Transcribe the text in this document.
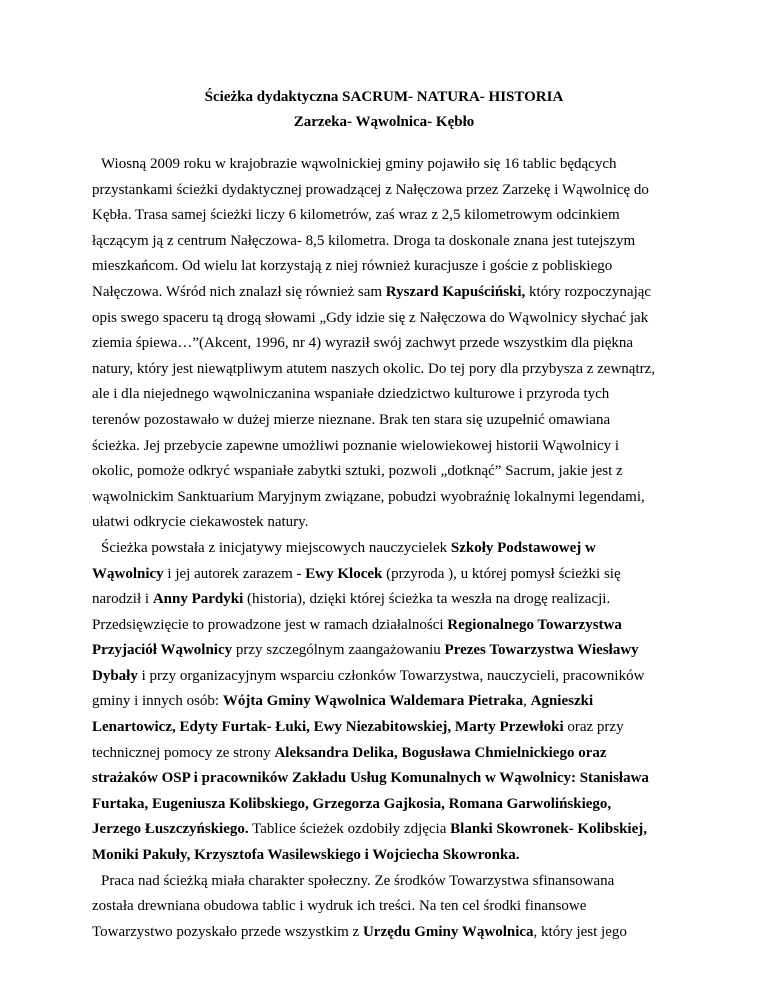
Ścieżka dydaktyczna SACRUM- NATURA- HISTORIA
Zarzeka- Wąwolnica- Kębło

Wiosną 2009 roku w krajobrazie wąwolnickiej gminy pojawiło się 16 tablic będących
przystankami ścieżki dydaktycznej prowadzącej z Nałęczowa przez Zarzekę i Wąwolnicę do
Kębła. Trasa samej ścieżki liczy 6 kilometrów, zaś wraz z 2,5 kilometrowym odcinkiem
łączącym ją z centrum Nałęczowa- 8,5 kilometra. Droga ta doskonale znana jest tutejszym
mieszkańcom. Od wielu lat korzystają z niej również kuracjusze i goście z pobliskiego
Nałęczowa. Wśród nich znalazł się również sam Ryszard Kapuściński, który rozpoczynając
opis swego spaceru tą drogą słowami „Gdy idzie się z Nałęczowa do Wąwolnicy słychać jak
ziemia śpiewa…”(Akcent, 1996, nr 4) wyraził swój zachwyt przede wszystkim dla piękna
natury, który jest niewątpliwym atutem naszych okolic. Do tej pory dla przybysza z zewnątrz,
ale i dla niejednego wąwolniczanina wspaniałe dziedzictwo kulturowe i przyroda tych
terenów pozostawało w dużej mierze nieznane. Brak ten stara się uzupełnić omawiana
ścieżka. Jej przebycie zapewne umożliwi poznanie wielowiekowej historii Wąwolnicy i
okolic, pomoże odkryć wspaniałe zabytki sztuki, pozwoli „dotknąć” Sacrum, jakie jest z
wąwolnickim Sanktuarium Maryjnym związane, pobudzi wyobraźnię lokalnymi legendami,
ułatwi odkrycie ciekawostek natury.

Ścieżka powstała z inicjatywy miejscowych nauczycielek Szkoły Podstawowej w
Wąwolnicy i jej autorek zarazem - Ewy Klocek (przyroda ), u której pomysł ścieżki się
narodził i Anny Pardyki (historia), dzięki której ścieżka ta weszła na drogę realizacji.
Przedsięwzięcie to prowadzone jest w ramach działalności Regionalnego Towarzystwa
Przyjaciół Wąwolnicy przy szczególnym zaangażowaniu Prezes Towarzystwa Wiesławy
Dybały i przy organizacyjnym wsparciu członków Towarzystwa, nauczycieli, pracowników
gminy i innych osób: Wójta Gminy Wąwolnica Waldemara Pietraka, Agnieszki
Lenartowicz, Edyty Furtak- Łuki, Ewy Niezabitowskiej, Marty Przewłoki oraz przy
technicznej pomocy ze strony Aleksandra Delika, Bogusława Chmielnickiego oraz
strażaków OSP i pracowników Zakładu Usług Komunalnych w Wąwolnicy: Stanisława
Furtaka, Eugeniusza Kolibskiego, Grzegorza Gajkosia, Romana Garwolińskiego,
Jerzego Łuszczyńskiego. Tablice ścieżek ozdobiły zdjęcia Blanki Skowronek- Kolibskiej,
Moniki Pakuły, Krzysztofa Wasilewskiego i Wojciecha Skowronka.

Praca nad ścieżką miała charakter społeczny. Ze środków Towarzystwa sfinansowana
została drewniana obudowa tablic i wydruk ich treści. Na ten cel środki finansowe
Towarzystwo pozyskało przede wszystkim z Urzędu Gminy Wąwolnica, który jest jego
